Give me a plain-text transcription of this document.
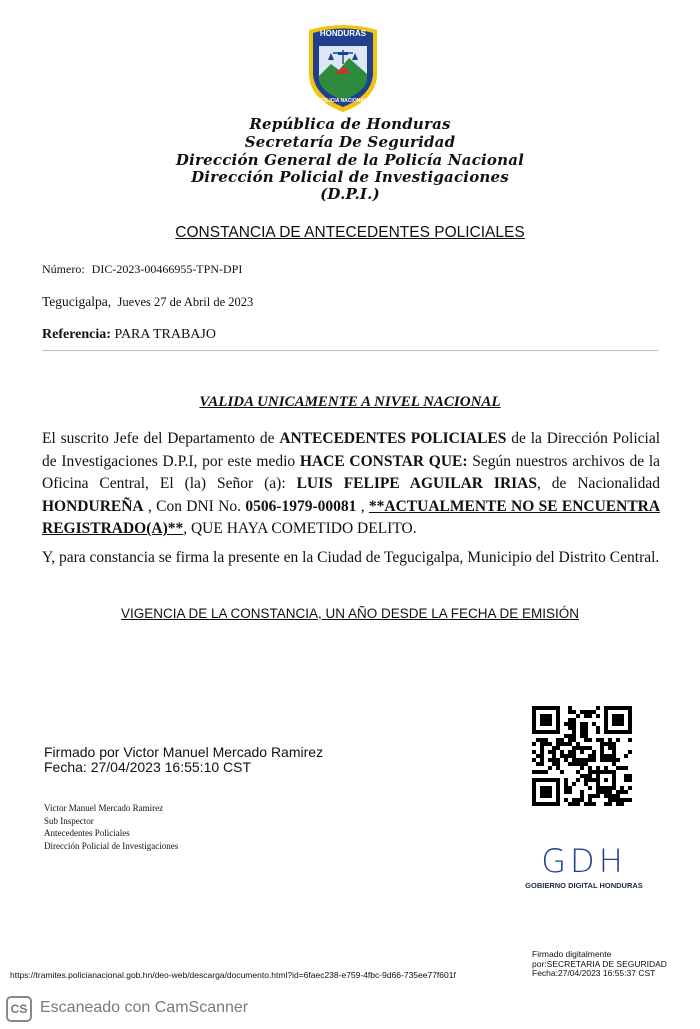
HONDURAS
POLICIA NACIONAL
República de Honduras
Secretaría De Seguridad
Dirección General de la Policía Nacional
Dirección Policial de Investigaciones
(D.P.I.)
CONSTANCIA DE ANTECEDENTES POLICIALES
Número: DIC-2023-00466955-TPN-DPI
Tegucigalpa, Jueves 27 de Abril de 2023
Referencia: PARA TRABAJO
VALIDA UNICAMENTE A NIVEL NACIONAL
El suscrito Jefe del Departamento de ANTECEDENTES POLICIALES de la Dirección Policial de Investigaciones D.P.I, por este medio HACE CONSTAR QUE: Según nuestros archivos de la Oficina Central, El (la) Señor (a): LUIS FELIPE AGUILAR IRIAS, de Nacionalidad HONDUREÑA , Con DNI No. 0506-1979-00081 , **ACTUALMENTE NO SE ENCUENTRA REGISTRADO(A)**, QUE HAYA COMETIDO DELITO.
Y, para constancia se firma la presente en la Ciudad de Tegucigalpa, Municipio del Distrito Central.
VIGENCIA DE LA CONSTANCIA, UN AÑO DESDE LA FECHA DE EMISIÓN
Firmado por Victor Manuel Mercado Ramirez
Fecha: 27/04/2023 16:55:10 CST
Victor Manuel Mercado Ramirez
Sub Inspector
Antecedentes Policiales
Dirección Policial de Investigaciones	GDH
GOBIERNO DIGITAL HONDURAS
Firmado digitalmente
por:SECRETARIA DE SEGURIDAD
Fecha:27/04/2023 16:55:37 CST
https://tramites.policianacional.gob.hn/deo-web/descarga/documento.html?id=6faec238-e759-4fbc-9d66-735ee77f601f
CS Escaneado con CamScanner
